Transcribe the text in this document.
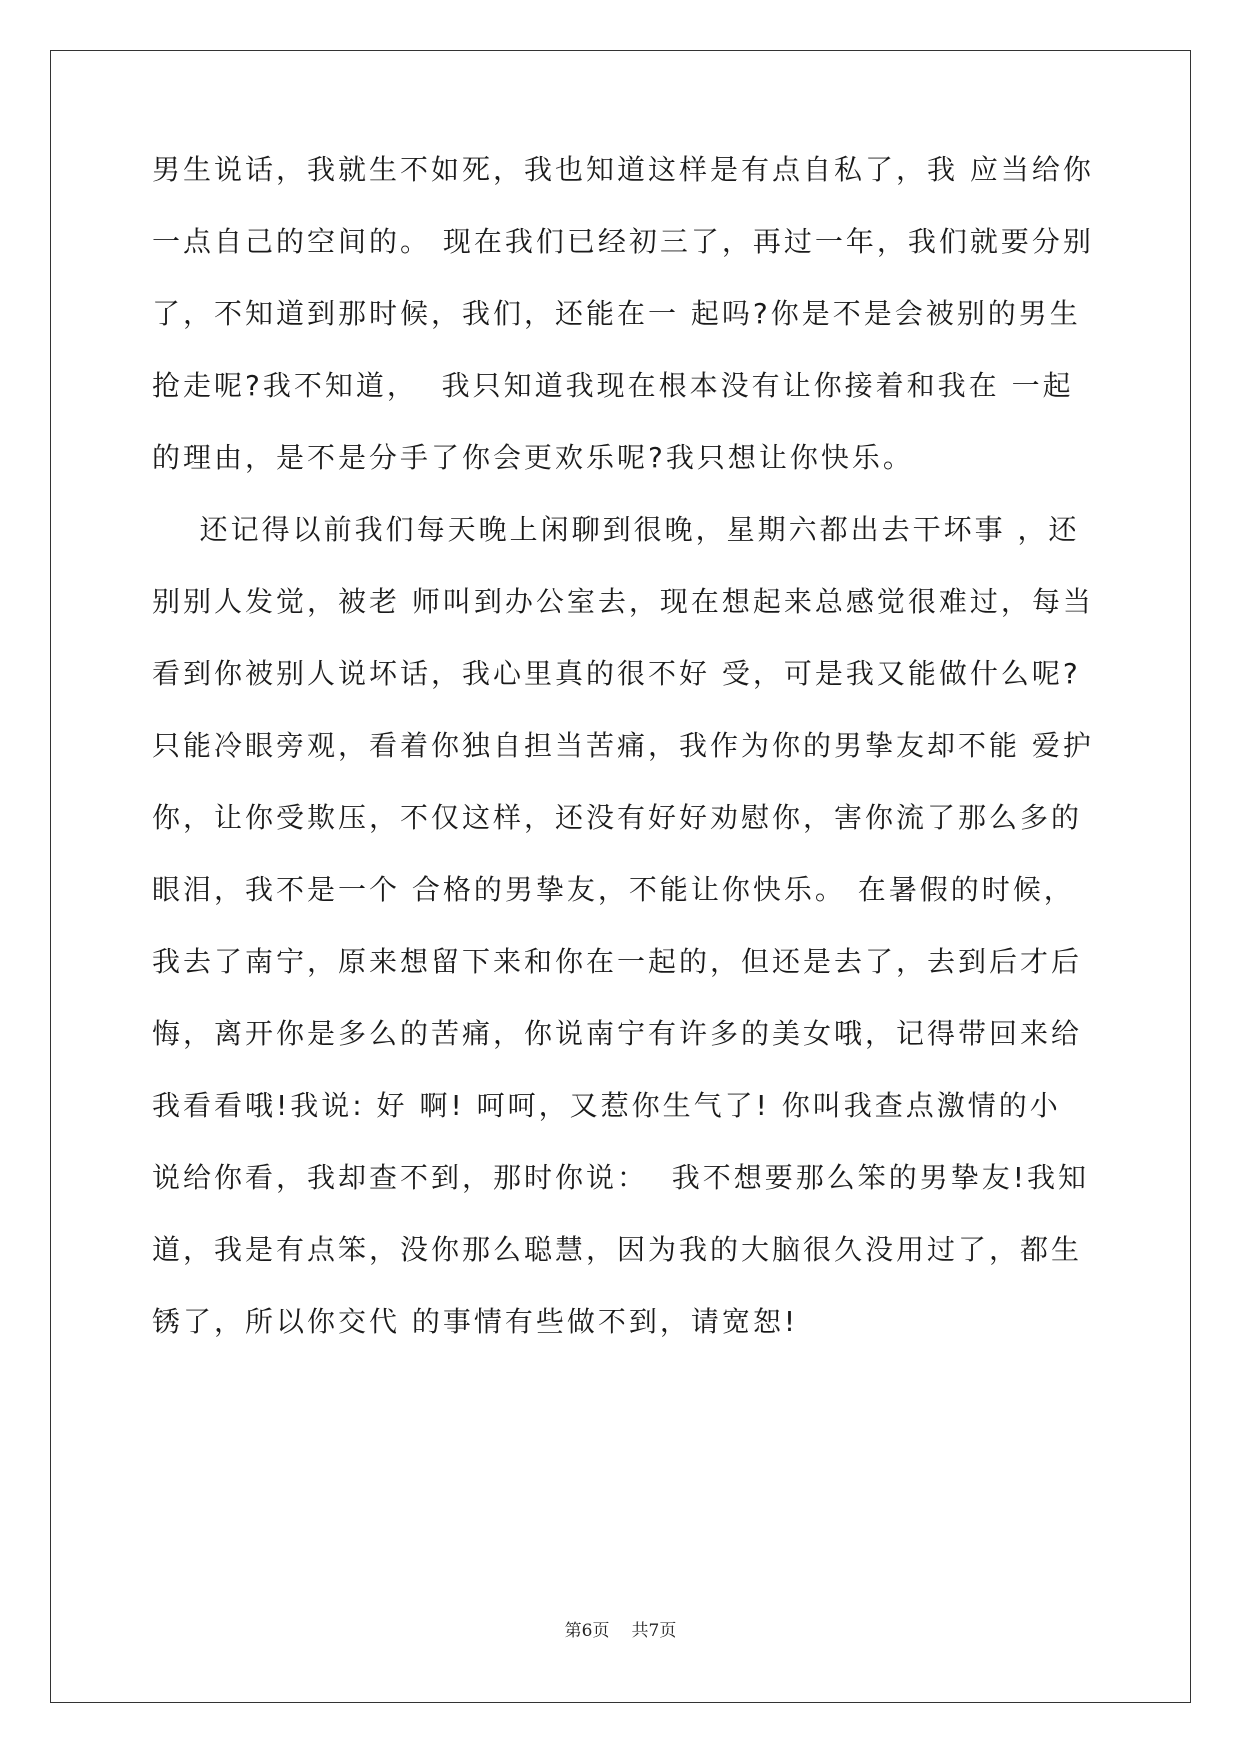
男生说话，我就生不如死，我也知道这样是有点自私了，我 应当给你
一点自己的空间的。 现在我们已经初三了，再过一年，我们就要分别
了，不知道到那时候，我们，还能在一 起吗?你是不是会被别的男生
抢走呢?我不知道，  我只知道我现在根本没有让你接着和我在 一起
的理由，是不是分手了你会更欢乐呢?我只想让你快乐。
还记得以前我们每天晚上闲聊到很晚，星期六都出去干坏事 ，还
别别人发觉，被老 师叫到办公室去，现在想起来总感觉很难过，每当
看到你被别人说坏话，我心里真的很不好 受，可是我又能做什么呢?
只能冷眼旁观，看着你独自担当苦痛，我作为你的男挚友却不能 爱护
你，让你受欺压，不仅这样，还没有好好劝慰你，害你流了那么多的
眼泪，我不是一个 合格的男挚友，不能让你快乐。 在暑假的时候，
我去了南宁，原来想留下来和你在一起的，但还是去了，去到后才后
悔，离开你是多么的苦痛，你说南宁有许多的美女哦，记得带回来给
我看看哦!我说: 好 啊! 呵呵，又惹你生气了! 你叫我查点激情的小
说给你看，我却查不到，那时你说：  我不想要那么笨的男挚友!我知
道，我是有点笨，没你那么聪慧，因为我的大脑很久没用过了，都生
锈了，所以你交代 的事情有些做不到，请宽恕!
第6页 共7页
